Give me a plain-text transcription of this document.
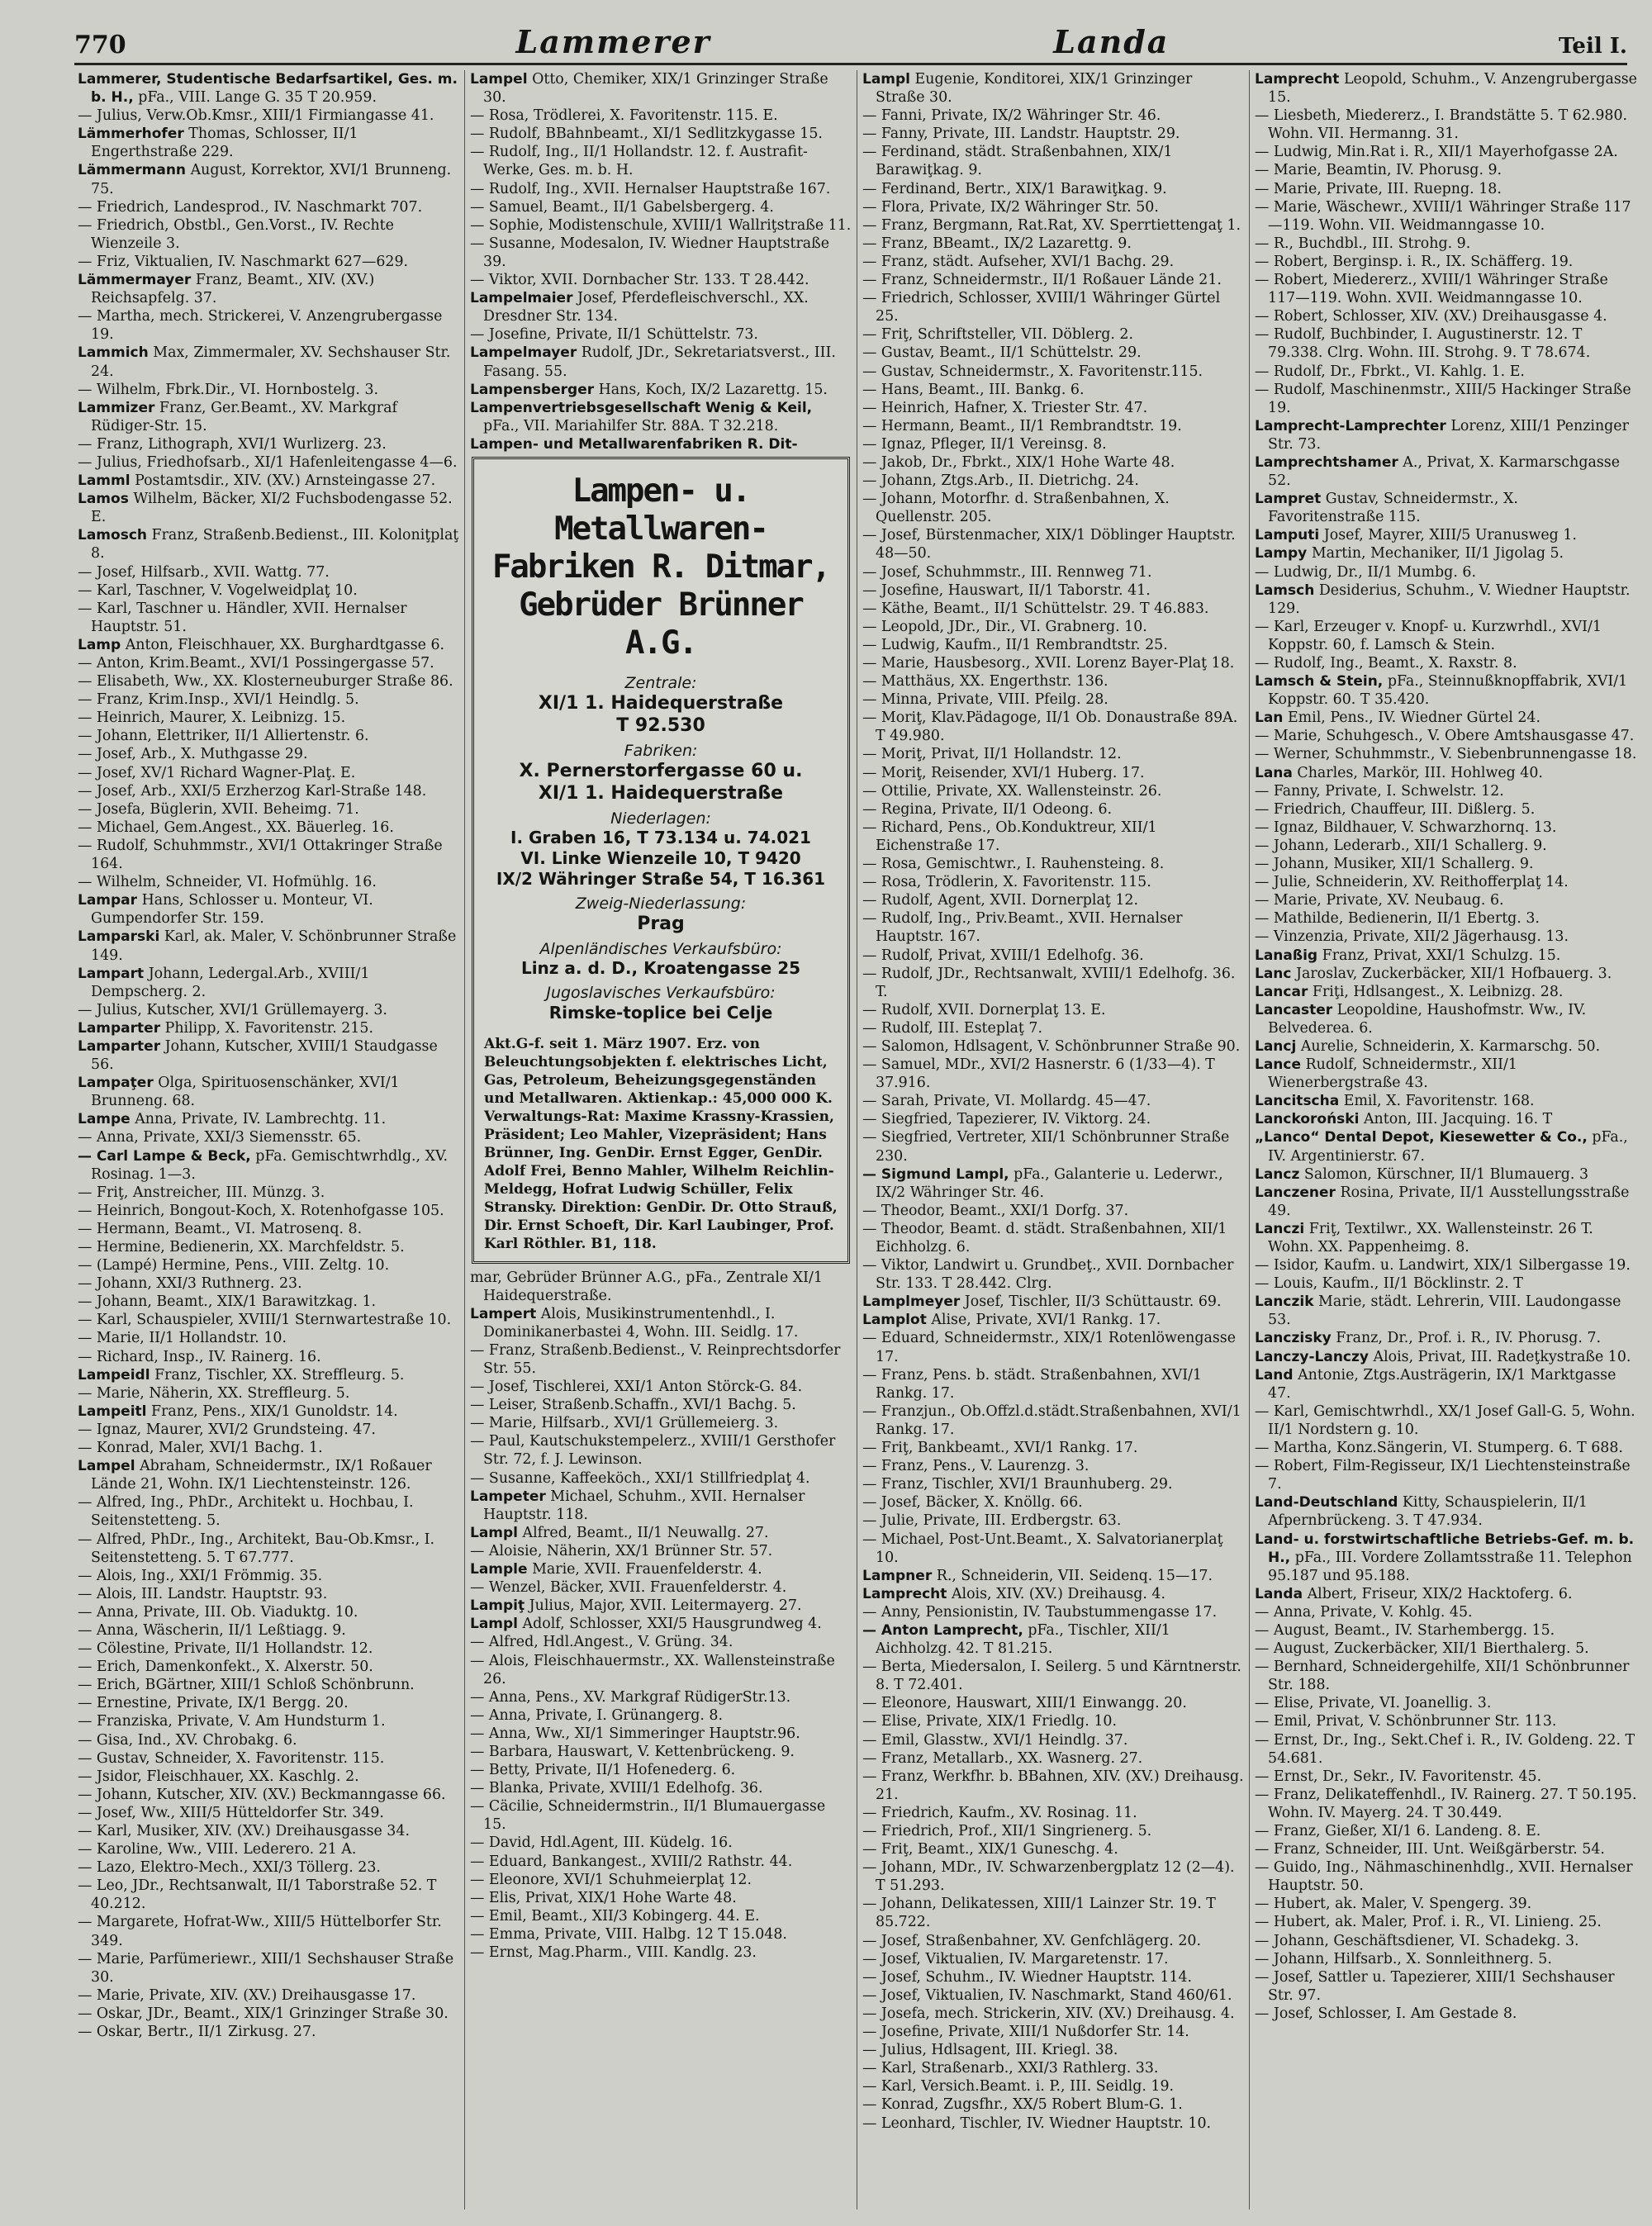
770	Lammerer	Landa	Teil I.

Lammerer, Studentische Bedarfsartikel, Ges. m. b. H., pFa., VIII. Lange G. 35 T 20.959.

— Julius, Verw.Ob.Kmsr., XIII/1 Firmiangasse 41.

Lämmerhofer Thomas, Schlosser, II/1 Engerthstraße 229.

Lämmermann August, Korrektor, XVI/1 Brunneng. 75.

— Friedrich, Landesprod., IV. Naschmarkt 707.

— Friedrich, Obstbl., Gen.Vorst., IV. Rechte Wienzeile 3.

— Friz, Viktualien, IV. Naschmarkt 627—629.

Lämmermayer Franz, Beamt., XIV. (XV.) Reichsapfelg. 37.

— Martha, mech. Strickerei, V. Anzengrubergasse 19.

Lammich Max, Zimmermaler, XV. Sechshauser Str. 24.

— Wilhelm, Fbrk.Dir., VI. Hornbostelg. 3.

Lammizer Franz, Ger.Beamt., XV. Markgraf Rüdiger-Str. 15.

— Franz, Lithograph, XVI/1 Wurlizerg. 23.

— Julius, Friedhofsarb., XI/1 Hafenleitengasse 4—6.

Lamml Postamtsdir., XIV. (XV.) Arnsteingasse 27.

Lamos Wilhelm, Bäcker, XI/2 Fuchsbodengasse 52. E.

Lamosch Franz, Straßenb.Bedienst., III. Koloniţplaţ 8.

— Josef, Hilfsarb., XVII. Wattg. 77.

— Karl, Taschner, V. Vogelweidplaţ 10.

— Karl, Taschner u. Händler, XVII. Hernalser Hauptstr. 51.

Lamp Anton, Fleischhauer, XX. Burghardtgasse 6.

— Anton, Krim.Beamt., XVI/1 Possingergasse 57.

— Elisabeth, Ww., XX. Klosterneuburger Straße 86.

— Franz, Krim.Insp., XVI/1 Heindlg. 5.

— Heinrich, Maurer, X. Leibnizg. 15.

— Johann, Elettriker, II/1 Alliertenstr. 6.

— Josef, Arb., X. Muthgasse 29.

— Josef, XV/1 Richard Wagner-Plaţ. E.

— Josef, Arb., XXI/5 Erzherzog Karl-Straße 148.

— Josefa, Büglerin, XVII. Beheimg. 71.

— Michael, Gem.Angest., XX. Bäuerleg. 16.

— Rudolf, Schuhmmstr., XVI/1 Ottakringer Straße 164.

— Wilhelm, Schneider, VI. Hofmühlg. 16.

Lampar Hans, Schlosser u. Monteur, VI. Gumpendorfer Str. 159.

Lamparski Karl, ak. Maler, V. Schönbrunner Straße 149.

Lampart Johann, Ledergal.Arb., XVIII/1 Dempscherg. 2.

— Julius, Kutscher, XVI/1 Grüllemayerg. 3.

Lamparter Philipp, X. Favoritenstr. 215.

Lamparter Johann, Kutscher, XVIII/1 Staudgasse 56.

Lampaţer Olga, Spirituosenschänker, XVI/1 Brunneng. 68.

Lampe Anna, Private, IV. Lambrechtg. 11.

— Anna, Private, XXI/3 Siemensstr. 65.

— Carl Lampe & Beck, pFa. Gemischtwrhdlg., XV. Rosinag. 1—3.

— Friţ, Anstreicher, III. Münzg. 3.

— Heinrich, Bongout-Koch, X. Rotenhofgasse 105.

— Hermann, Beamt., VI. Matrosenq. 8.

— Hermine, Bedienerin, XX. Marchfeldstr. 5.

— (Lampé) Hermine, Pens., VIII. Zeltg. 10.

— Johann, XXI/3 Ruthnerg. 23.

— Johann, Beamt., XIX/1 Barawitzkag. 1.

— Karl, Schauspieler, XVIII/1 Sternwartestraße 10.

— Marie, II/1 Hollandstr. 10.

— Richard, Insp., IV. Rainerg. 16.

Lampeidl Franz, Tischler, XX. Streffleurg. 5.

— Marie, Näherin, XX. Streffleurg. 5.

Lampeitl Franz, Pens., XIX/1 Gunoldstr. 14.

— Ignaz, Maurer, XVI/2 Grundsteing. 47.

— Konrad, Maler, XVI/1 Bachg. 1.

Lampel Abraham, Schneidermstr., IX/1 Roßauer Lände 21, Wohn. IX/1 Liechtensteinstr. 126.

— Alfred, Ing., PhDr., Architekt u. Hochbau, I. Seitenstetteng. 5.

— Alfred, PhDr., Ing., Architekt, Bau-Ob.Kmsr., I. Seitenstetteng. 5. T 67.777.

— Alois, Ing., XXI/1 Frömmig. 35.

— Alois, III. Landstr. Hauptstr. 93.

— Anna, Private, III. Ob. Viaduktg. 10.

— Anna, Wäscherin, II/1 Leßtiagg. 9.

— Cölestine, Private, II/1 Hollandstr. 12.

— Erich, Damenkonfekt., X. Alxerstr. 50.

— Erich, BGärtner, XIII/1 Schloß Schönbrunn.

— Ernestine, Private, IX/1 Bergg. 20.

— Franziska, Private, V. Am Hundsturm 1.

— Gisa, Ind., XV. Chrobakg. 6.

— Gustav, Schneider, X. Favoritenstr. 115.

— Jsidor, Fleischhauer, XX. Kaschlg. 2.

— Johann, Kutscher, XIV. (XV.) Beckmanngasse 66.

— Josef, Ww., XIII/5 Hütteldorfer Str. 349.

— Karl, Musiker, XIV. (XV.) Dreihausgasse 34.

— Karoline, Ww., VIII. Lederero. 21 A.

— Lazo, Elektro-Mech., XXI/3 Töllerg. 23.

— Leo, JDr., Rechtsanwalt, II/1 Taborstraße 52. T 40.212.

— Margarete, Hofrat-Ww., XIII/5 Hüttelborfer Str. 349.

— Marie, Parfümeriewr., XIII/1 Sechshauser Straße 30.

— Marie, Private, XIV. (XV.) Dreihausgasse 17.

— Oskar, JDr., Beamt., XIX/1 Grinzinger Straße 30.

— Oskar, Bertr., II/1 Zirkusg. 27.

Lampel Otto, Chemiker, XIX/1 Grinzinger Straße 30.

— Rosa, Trödlerei, X. Favoritenstr. 115. E.

— Rudolf, BBahnbeamt., XI/1 Sedlitzkygasse 15.

— Rudolf, Ing., II/1 Hollandstr. 12. f. Austrafit-Werke, Ges. m. b. H.

— Rudolf, Ing., XVII. Hernalser Hauptstraße 167.

— Samuel, Beamt., II/1 Gabelsbergerg. 4.

— Sophie, Modistenschule, XVIII/1 Wallriţstraße 11.

— Susanne, Modesalon, IV. Wiedner Hauptstraße 39.

— Viktor, XVII. Dornbacher Str. 133. T 28.442.

Lampelmaier Josef, Pferdefleischverschl., XX. Dresdner Str. 134.

— Josefine, Private, II/1 Schüttelstr. 73.

Lampelmayer Rudolf, JDr., Sekretariatsverst., III. Fasang. 55.

Lampensberger Hans, Koch, IX/2 Lazarettg. 15.

Lampenvertriebsgesellschaft Wenig & Keil, pFa., VII. Mariahilfer Str. 88A. T 32.218.

Lampen- und Metallwarenfabriken R. Dit-

Lampen- u. Metallwaren-Fabriken R. Ditmar, Gebrüder Brünner A.G.
Zentrale:
XI/1 1. Haidequerstraße
T 92.530
Fabriken:
X. Pernerstorfergasse 60 u.
XI/1 1. Haidequerstraße
Niederlagen:
I. Graben 16, T 73.134 u. 74.021
VI. Linke Wienzeile 10, T 9420
IX/2 Währinger Straße 54, T 16.361
Zweig-Niederlassung:
Prag
Alpenländisches Verkaufsbüro:
Linz a. d. D., Kroatengasse 25
Jugoslavisches Verkaufsbüro:
Rimske-toplice bei Celje
Akt.G-f. seit 1. März 1907. Erz. von Beleuchtungsobjekten f. elektrisches Licht, Gas, Petroleum, Beheizungsgegenständen und Metallwaren. Aktienkap.: 45,000 000 K. Verwaltungs-Rat: Maxime Krassny-Krassien, Präsident; Leo Mahler, Vizepräsident; Hans Brünner, Ing. GenDir. Ernst Egger, GenDir. Adolf Frei, Benno Mahler, Wilhelm Reichlin-Meldegg, Hofrat Ludwig Schüller, Felix Stransky. Direktion: GenDir. Dr. Otto Strauß, Dir. Ernst Schoeft, Dir. Karl Laubinger, Prof. Karl Röthler. B1, 118.

mar, Gebrüder Brünner A.G., pFa., Zentrale XI/1 Haidequerstraße.

Lampert Alois, Musikinstrumentenhdl., I. Dominikanerbastei 4, Wohn. III. Seidlg. 17.

— Franz, Straßenb.Bedienst., V. Reinprechtsdorfer Str. 55.

— Josef, Tischlerei, XXI/1 Anton Störck-G. 84.

— Leiser, Straßenb.Schaffn., XVI/1 Bachg. 5.

— Marie, Hilfsarb., XVI/1 Grüllemeierg. 3.

— Paul, Kautschukstempelerz., XVIII/1 Gersthofer Str. 72, f. J. Lewinson.

— Susanne, Kaffeeköch., XXI/1 Stillfriedplaţ 4.

Lampeter Michael, Schuhm., XVII. Hernalser Hauptstr. 118.

Lampl Alfred, Beamt., II/1 Neuwallg. 27.

— Aloisie, Näherin, XX/1 Brünner Str. 57.

Lample Marie, XVII. Frauenfelderstr. 4.

— Wenzel, Bäcker, XVII. Frauenfelderstr. 4.

Lampiţ Julius, Major, XVII. Leitermayerg. 27.

Lampl Adolf, Schlosser, XXI/5 Hausgrundweg 4.

— Alfred, Hdl.Angest., V. Grüng. 34.

— Alois, Fleischhauermstr., XX. Wallensteinstraße 26.

— Anna, Pens., XV. Markgraf RüdigerStr.13.

— Anna, Private, I. Grünangerg. 8.

— Anna, Ww., XI/1 Simmeringer Hauptstr.96.

— Barbara, Hauswart, V. Kettenbrückeng. 9.

— Betty, Private, II/1 Hofenederg. 6.

— Blanka, Private, XVIII/1 Edelhofg. 36.

— Cäcilie, Schneidermstrin., II/1 Blumauergasse 15.

— David, Hdl.Agent, III. Küdelg. 16.

— Eduard, Bankangest., XVIII/2 Rathstr. 44.

— Eleonore, XVI/1 Schuhmeierplaţ 12.

— Elis, Privat, XIX/1 Hohe Warte 48.

— Emil, Beamt., XII/3 Kobingerg. 44. E.

— Emma, Private, VIII. Halbg. 12 T 15.048.

— Ernst, Mag.Pharm., VIII. Kandlg. 23.

Lampl Eugenie, Konditorei, XIX/1 Grinzinger Straße 30.

— Fanni, Private, IX/2 Währinger Str. 46.

— Fanny, Private, III. Landstr. Hauptstr. 29.

— Ferdinand, städt. Straßenbahnen, XIX/1 Barawiţkag. 9.

— Ferdinand, Bertr., XIX/1 Barawiţkag. 9.

— Flora, Private, IX/2 Währinger Str. 50.

— Franz, Bergmann, Rat.Rat, XV. Sperrtiettengaţ 1.

— Franz, BBeamt., IX/2 Lazarettg. 9.

— Franz, städt. Aufseher, XVI/1 Bachg. 29.

— Franz, Schneidermstr., II/1 Roßauer Lände 21.

— Friedrich, Schlosser, XVIII/1 Währinger Gürtel 25.

— Friţ, Schriftsteller, VII. Döblerg. 2.

— Gustav, Beamt., II/1 Schüttelstr. 29.

— Gustav, Schneidermstr., X. Favoritenstr.115.

— Hans, Beamt., III. Bankg. 6.

— Heinrich, Hafner, X. Triester Str. 47.

— Hermann, Beamt., II/1 Rembrandtstr. 19.

— Ignaz, Pfleger, II/1 Vereinsg. 8.

— Jakob, Dr., Fbrkt., XIX/1 Hohe Warte 48.

— Johann, Ztgs.Arb., II. Dietrichg. 24.

— Johann, Motorfhr. d. Straßenbahnen, X. Quellenstr. 205.

— Josef, Bürstenmacher, XIX/1 Döblinger Hauptstr. 48—50.

— Josef, Schuhmmstr., III. Rennweg 71.

— Josefine, Hauswart, II/1 Taborstr. 41.

— Käthe, Beamt., II/1 Schüttelstr. 29. T 46.883.

— Leopold, JDr., Dir., VI. Grabnerg. 10.

— Ludwig, Kaufm., II/1 Rembrandtstr. 25.

— Marie, Hausbesorg., XVII. Lorenz Bayer-Plaţ 18.

— Matthäus, XX. Engerthstr. 136.

— Minna, Private, VIII. Pfeilg. 28.

— Moriţ, Klav.Pädagoge, II/1 Ob. Donaustraße 89A. T 49.980.

— Moriţ, Privat, II/1 Hollandstr. 12.

— Moriţ, Reisender, XVI/1 Huberg. 17.

— Ottilie, Private, XX. Wallensteinstr. 26.

— Regina, Private, II/1 Odeong. 6.

— Richard, Pens., Ob.Konduktreur, XII/1 Eichenstraße 17.

— Rosa, Gemischtwr., I. Rauhensteing. 8.

— Rosa, Trödlerin, X. Favoritenstr. 115.

— Rudolf, Agent, XVII. Dornerplaţ 12.

— Rudolf, Ing., Priv.Beamt., XVII. Hernalser Hauptstr. 167.

— Rudolf, Privat, XVIII/1 Edelhofg. 36.

— Rudolf, JDr., Rechtsanwalt, XVIII/1 Edelhofg. 36. T.

— Rudolf, XVII. Dornerplaţ 13. E.

— Rudolf, III. Esteplaţ 7.

— Salomon, Hdlsagent, V. Schönbrunner Straße 90.

— Samuel, MDr., XVI/2 Hasnerstr. 6 (1/33—4). T 37.916.

— Sarah, Private, VI. Mollardg. 45—47.

— Siegfried, Tapezierer, IV. Viktorg. 24.

— Siegfried, Vertreter, XII/1 Schönbrunner Straße 230.

— Sigmund Lampl, pFa., Galanterie u. Lederwr., IX/2 Währinger Str. 46.

— Theodor, Beamt., XXI/1 Dorfg. 37.

— Theodor, Beamt. d. städt. Straßenbahnen, XII/1 Eichholzg. 6.

— Viktor, Landwirt u. Grundbeţ., XVII. Dornbacher Str. 133. T 28.442. Clrg.

Lamplmeyer Josef, Tischler, II/3 Schüttaustr. 69.

Lamplot Alise, Private, XVI/1 Rankg. 17.

— Eduard, Schneidermstr., XIX/1 Rotenlöwengasse 17.

— Franz, Pens. b. städt. Straßenbahnen, XVI/1 Rankg. 17.

— Franzjun., Ob.Offzl.d.städt.Straßenbahnen, XVI/1 Rankg. 17.

— Friţ, Bankbeamt., XVI/1 Rankg. 17.

— Franz, Pens., V. Laurenzg. 3.

— Franz, Tischler, XVI/1 Braunhuberg. 29.

— Josef, Bäcker, X. Knöllg. 66.

— Julie, Private, III. Erdbergstr. 63.

— Michael, Post-Unt.Beamt., X. Salvatorianerplaţ 10.

Lampner R., Schneiderin, VII. Seidenq. 15—17.

Lamprecht Alois, XIV. (XV.) Dreihausg. 4.

— Anny, Pensionistin, IV. Taubstummengasse 17.

— Anton Lamprecht, pFa., Tischler, XII/1 Aichholzg. 42. T 81.215.

— Berta, Miedersalon, I. Seilerg. 5 und Kärntnerstr. 8. T 72.401.

— Eleonore, Hauswart, XIII/1 Einwangg. 20.

— Elise, Private, XIX/1 Friedlg. 10.

— Emil, Glasstw., XVI/1 Heindlg. 37.

— Franz, Metallarb., XX. Wasnerg. 27.

— Franz, Werkfhr. b. BBahnen, XIV. (XV.) Dreihausg. 21.

— Friedrich, Kaufm., XV. Rosinag. 11.

— Friedrich, Prof., XII/1 Singrienerg. 5.

— Friţ, Beamt., XIX/1 Guneschg. 4.

— Johann, MDr., IV. Schwarzenbergplatz 12 (2—4). T 51.293.

— Johann, Delikatessen, XIII/1 Lainzer Str. 19. T 85.722.

— Josef, Straßenbahner, XV. Genfchlägerg. 20.

— Josef, Viktualien, IV. Margaretenstr. 17.

— Josef, Schuhm., IV. Wiedner Hauptstr. 114.

— Josef, Viktualien, IV. Naschmarkt, Stand 460/61.

— Josefa, mech. Strickerin, XIV. (XV.) Dreihausg. 4.

— Josefine, Private, XIII/1 Nußdorfer Str. 14.

— Julius, Hdlsagent, III. Kriegl. 38.

— Karl, Straßenarb., XXI/3 Rathlerg. 33.

— Karl, Versich.Beamt. i. P., III. Seidlg. 19.

— Konrad, Zugsfhr., XX/5 Robert Blum-G. 1.

— Leonhard, Tischler, IV. Wiedner Hauptstr. 10.

Lamprecht Leopold, Schuhm., V. Anzengrubergasse 15.

— Liesbeth, Miedererz., I. Brandstätte 5. T 62.980. Wohn. VII. Hermanng. 31.

— Ludwig, Min.Rat i. R., XII/1 Mayerhofgasse 2A.

— Marie, Beamtin, IV. Phorusg. 9.

— Marie, Private, III. Ruepng. 18.

— Marie, Wäschewr., XVIII/1 Währinger Straße 117—119. Wohn. VII. Weidmanngasse 10.

— R., Buchdbl., III. Strohg. 9.

— Robert, Berginsp. i. R., IX. Schäfferg. 19.

— Robert, Miedererz., XVIII/1 Währinger Straße 117—119. Wohn. XVII. Weidmanngasse 10.

— Robert, Schlosser, XIV. (XV.) Dreihausgasse 4.

— Rudolf, Buchbinder, I. Augustinerstr. 12. T 79.338. Clrg. Wohn. III. Strohg. 9. T 78.674.

— Rudolf, Dr., Fbrkt., VI. Kahlg. 1. E.

— Rudolf, Maschinenmstr., XIII/5 Hackinger Straße 19.

Lamprecht-Lamprechter Lorenz, XIII/1 Penzinger Str. 73.

Lamprechtshamer A., Privat, X. Karmarschgasse 52.

Lampret Gustav, Schneidermstr., X. Favoritenstraße 115.

Lamputi Josef, Mayrer, XIII/5 Uranusweg 1.

Lampy Martin, Mechaniker, II/1 Jigolag 5.

— Ludwig, Dr., II/1 Mumbg. 6.

Lamsch Desiderius, Schuhm., V. Wiedner Hauptstr. 129.

— Karl, Erzeuger v. Knopf- u. Kurzwrhdl., XVI/1 Koppstr. 60, f. Lamsch & Stein.

— Rudolf, Ing., Beamt., X. Raxstr. 8.

Lamsch & Stein, pFa., Steinnußknopffabrik, XVI/1 Koppstr. 60. T 35.420.

Lan Emil, Pens., IV. Wiedner Gürtel 24.

— Marie, Schuhgesch., V. Obere Amtshausgasse 47.

— Werner, Schuhmmstr., V. Siebenbrunnengasse 18.

Lana Charles, Markör, III. Hohlweg 40.

— Fanny, Private, I. Schwelstr. 12.

— Friedrich, Chauffeur, III. Dißlerg. 5.

— Ignaz, Bildhauer, V. Schwarzhornq. 13.

— Johann, Lederarb., XII/1 Schallerg. 9.

— Johann, Musiker, XII/1 Schallerg. 9.

— Julie, Schneiderin, XV. Reithofferplaţ 14.

— Marie, Private, XV. Neubaug. 6.

— Mathilde, Bedienerin, II/1 Ebertg. 3.

— Vinzenzia, Private, XII/2 Jägerhausg. 13.

Lanaßig Franz, Privat, XXI/1 Schulzg. 15.

Lanc Jaroslav, Zuckerbäcker, XII/1 Hofbauerg. 3.

Lancar Friţi, Hdlsangest., X. Leibnizg. 28.

Lancaster Leopoldine, Haushofmstr. Ww., IV. Belvederea. 6.

Lancj Aurelie, Schneiderin, X. Karmarschg. 50.

Lance Rudolf, Schneidermstr., XII/1 Wienerbergstraße 43.

Lancitscha Emil, X. Favoritenstr. 168.

Lanckoroński Anton, III. Jacquing. 16. T

„Lanco“ Dental Depot, Kiesewetter & Co., pFa., IV. Argentinierstr. 67.

Lancz Salomon, Kürschner, II/1 Blumauerg. 3

Lanczener Rosina, Private, II/1 Ausstellungsstraße 49.

Lanczi Friţ, Textilwr., XX. Wallensteinstr. 26 T. Wohn. XX. Pappenheimg. 8.

— Isidor, Kaufm. u. Landwirt, XIX/1 Silbergasse 19.

— Louis, Kaufm., II/1 Böcklinstr. 2. T

Lanczik Marie, städt. Lehrerin, VIII. Laudongasse 53.

Lanczisky Franz, Dr., Prof. i. R., IV. Phorusg. 7.

Lanczy-Lanczy Alois, Privat, III. Radeţkystraße 10.

Land Antonie, Ztgs.Austrägerin, IX/1 Marktgasse 47.

— Karl, Gemischtwrhdl., XX/1 Josef Gall-G. 5, Wohn. II/1 Nordstern g. 10.

— Martha, Konz.Sängerin, VI. Stumperg. 6. T 688.

— Robert, Film-Regisseur, IX/1 Liechtensteinstraße 7.

Land-Deutschland Kitty, Schauspielerin, II/1 Afpernbrückeng. 3. T 47.934.

Land- u. forstwirtschaftliche Betriebs-Gef. m. b. H., pFa., III. Vordere Zollamtsstraße 11. Telephon 95.187 und 95.188.

Landa Albert, Friseur, XIX/2 Hacktoferg. 6.

— Anna, Private, V. Kohlg. 45.

— August, Beamt., IV. Starhembergg. 15.

— August, Zuckerbäcker, XII/1 Bierthalerg. 5.

— Bernhard, Schneidergehilfe, XII/1 Schönbrunner Str. 188.

— Elise, Private, VI. Joanellig. 3.

— Emil, Privat, V. Schönbrunner Str. 113.

— Ernst, Dr., Ing., Sekt.Chef i. R., IV. Goldeng. 22. T 54.681.

— Ernst, Dr., Sekr., IV. Favoritenstr. 45.

— Franz, Delikateffenhdl., IV. Rainerg. 27. T 50.195. Wohn. IV. Mayerg. 24. T 30.449.

— Franz, Gießer, XI/1 6. Landeng. 8. E.

— Franz, Schneider, III. Unt. Weißgärberstr. 54.

— Guido, Ing., Nähmaschinenhdlg., XVII. Hernalser Hauptstr. 50.

— Hubert, ak. Maler, V. Spengerg. 39.

— Hubert, ak. Maler, Prof. i. R., VI. Linieng. 25.

— Johann, Geschäftsdiener, VI. Schadekg. 3.

— Johann, Hilfsarb., X. Sonnleithnerg. 5.

— Josef, Sattler u. Tapezierer, XIII/1 Sechshauser Str. 97.

— Josef, Schlosser, I. Am Gestade 8.
